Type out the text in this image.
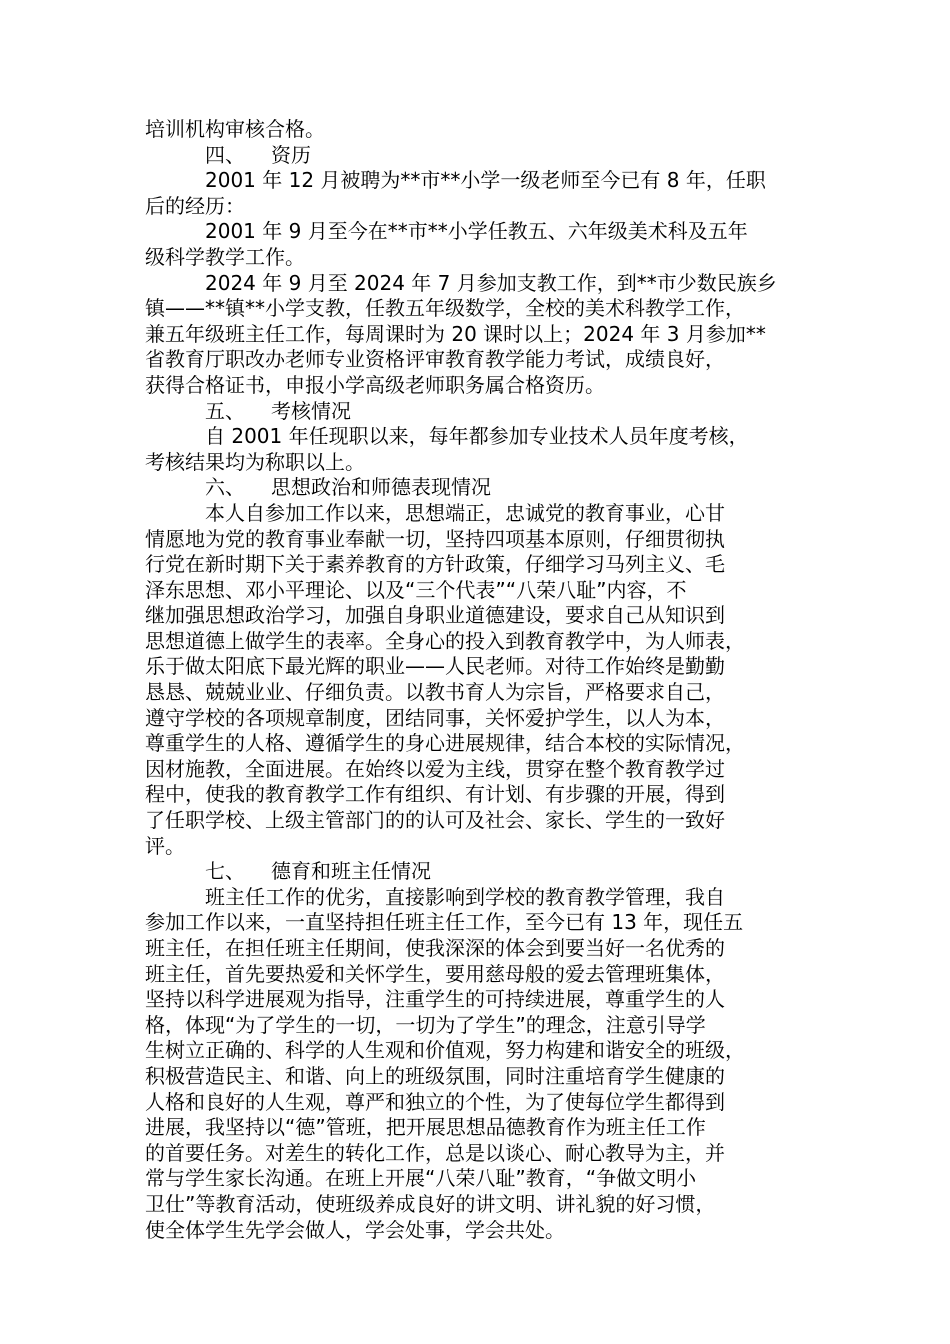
培训机构审核合格。
四、 资历
2001 年 12 月被聘为**市**小学一级老师至今已有 8 年，任职
后的经历：
2001 年 9 月至今在**市**小学任教五、六年级美术科及五年
级科学教学工作。
2024 年 9 月至 2024 年 7 月参加支教工作，到**市少数民族乡
镇——**镇**小学支教，任教五年级数学，全校的美术科教学工作，
兼五年级班主任工作，每周课时为 20 课时以上；2024 年 3 月参加**
省教育厅职改办老师专业资格评审教育教学能力考试，成绩良好，
获得合格证书，申报小学高级老师职务属合格资历。
五、 考核情况
自 2001 年任现职以来，每年都参加专业技术人员年度考核，
考核结果均为称职以上。
六、 思想政治和师德表现情况
本人自参加工作以来，思想端正，忠诚党的教育事业，心甘
情愿地为党的教育事业奉献一切，坚持四项基本原则，仔细贯彻执
行党在新时期下关于素养教育的方针政策，仔细学习马列主义、毛
泽东思想、邓小平理论、以及“三个代表”“八荣八耻”内容，不
继加强思想政治学习，加强自身职业道德建设，要求自己从知识到
思想道德上做学生的表率。全身心的投入到教育教学中，为人师表，
乐于做太阳底下最光辉的职业——人民老师。对待工作始终是勤勤
恳恳、兢兢业业、仔细负责。以教书育人为宗旨，严格要求自己，
遵守学校的各项规章制度，团结同事，关怀爱护学生，以人为本，
尊重学生的人格、遵循学生的身心进展规律，结合本校的实际情况，
因材施教，全面进展。在始终以爱为主线，贯穿在整个教育教学过
程中，使我的教育教学工作有组织、有计划、有步骤的开展，得到
了任职学校、上级主管部门的的认可及社会、家长、学生的一致好
评。
七、 德育和班主任情况
班主任工作的优劣，直接影响到学校的教育教学管理，我自
参加工作以来，一直坚持担任班主任工作，至今已有 13 年，现任五
班主任，在担任班主任期间，使我深深的体会到要当好一名优秀的
班主任，首先要热爱和关怀学生，要用慈母般的爱去管理班集体，
坚持以科学进展观为指导，注重学生的可持续进展，尊重学生的人
格，体现“为了学生的一切，一切为了学生”的理念，注意引导学
生树立正确的、科学的人生观和价值观，努力构建和谐安全的班级，
积极营造民主、和谐、向上的班级氛围，同时注重培育学生健康的
人格和良好的人生观，尊严和独立的个性，为了使每位学生都得到
进展，我坚持以“德”管班，把开展思想品德教育作为班主任工作
的首要任务。对差生的转化工作，总是以谈心、耐心教导为主，并
常与学生家长沟通。在班上开展“八荣八耻”教育，“争做文明小
卫仕”等教育活动，使班级养成良好的讲文明、讲礼貌的好习惯，
使全体学生先学会做人，学会处事，学会共处。
